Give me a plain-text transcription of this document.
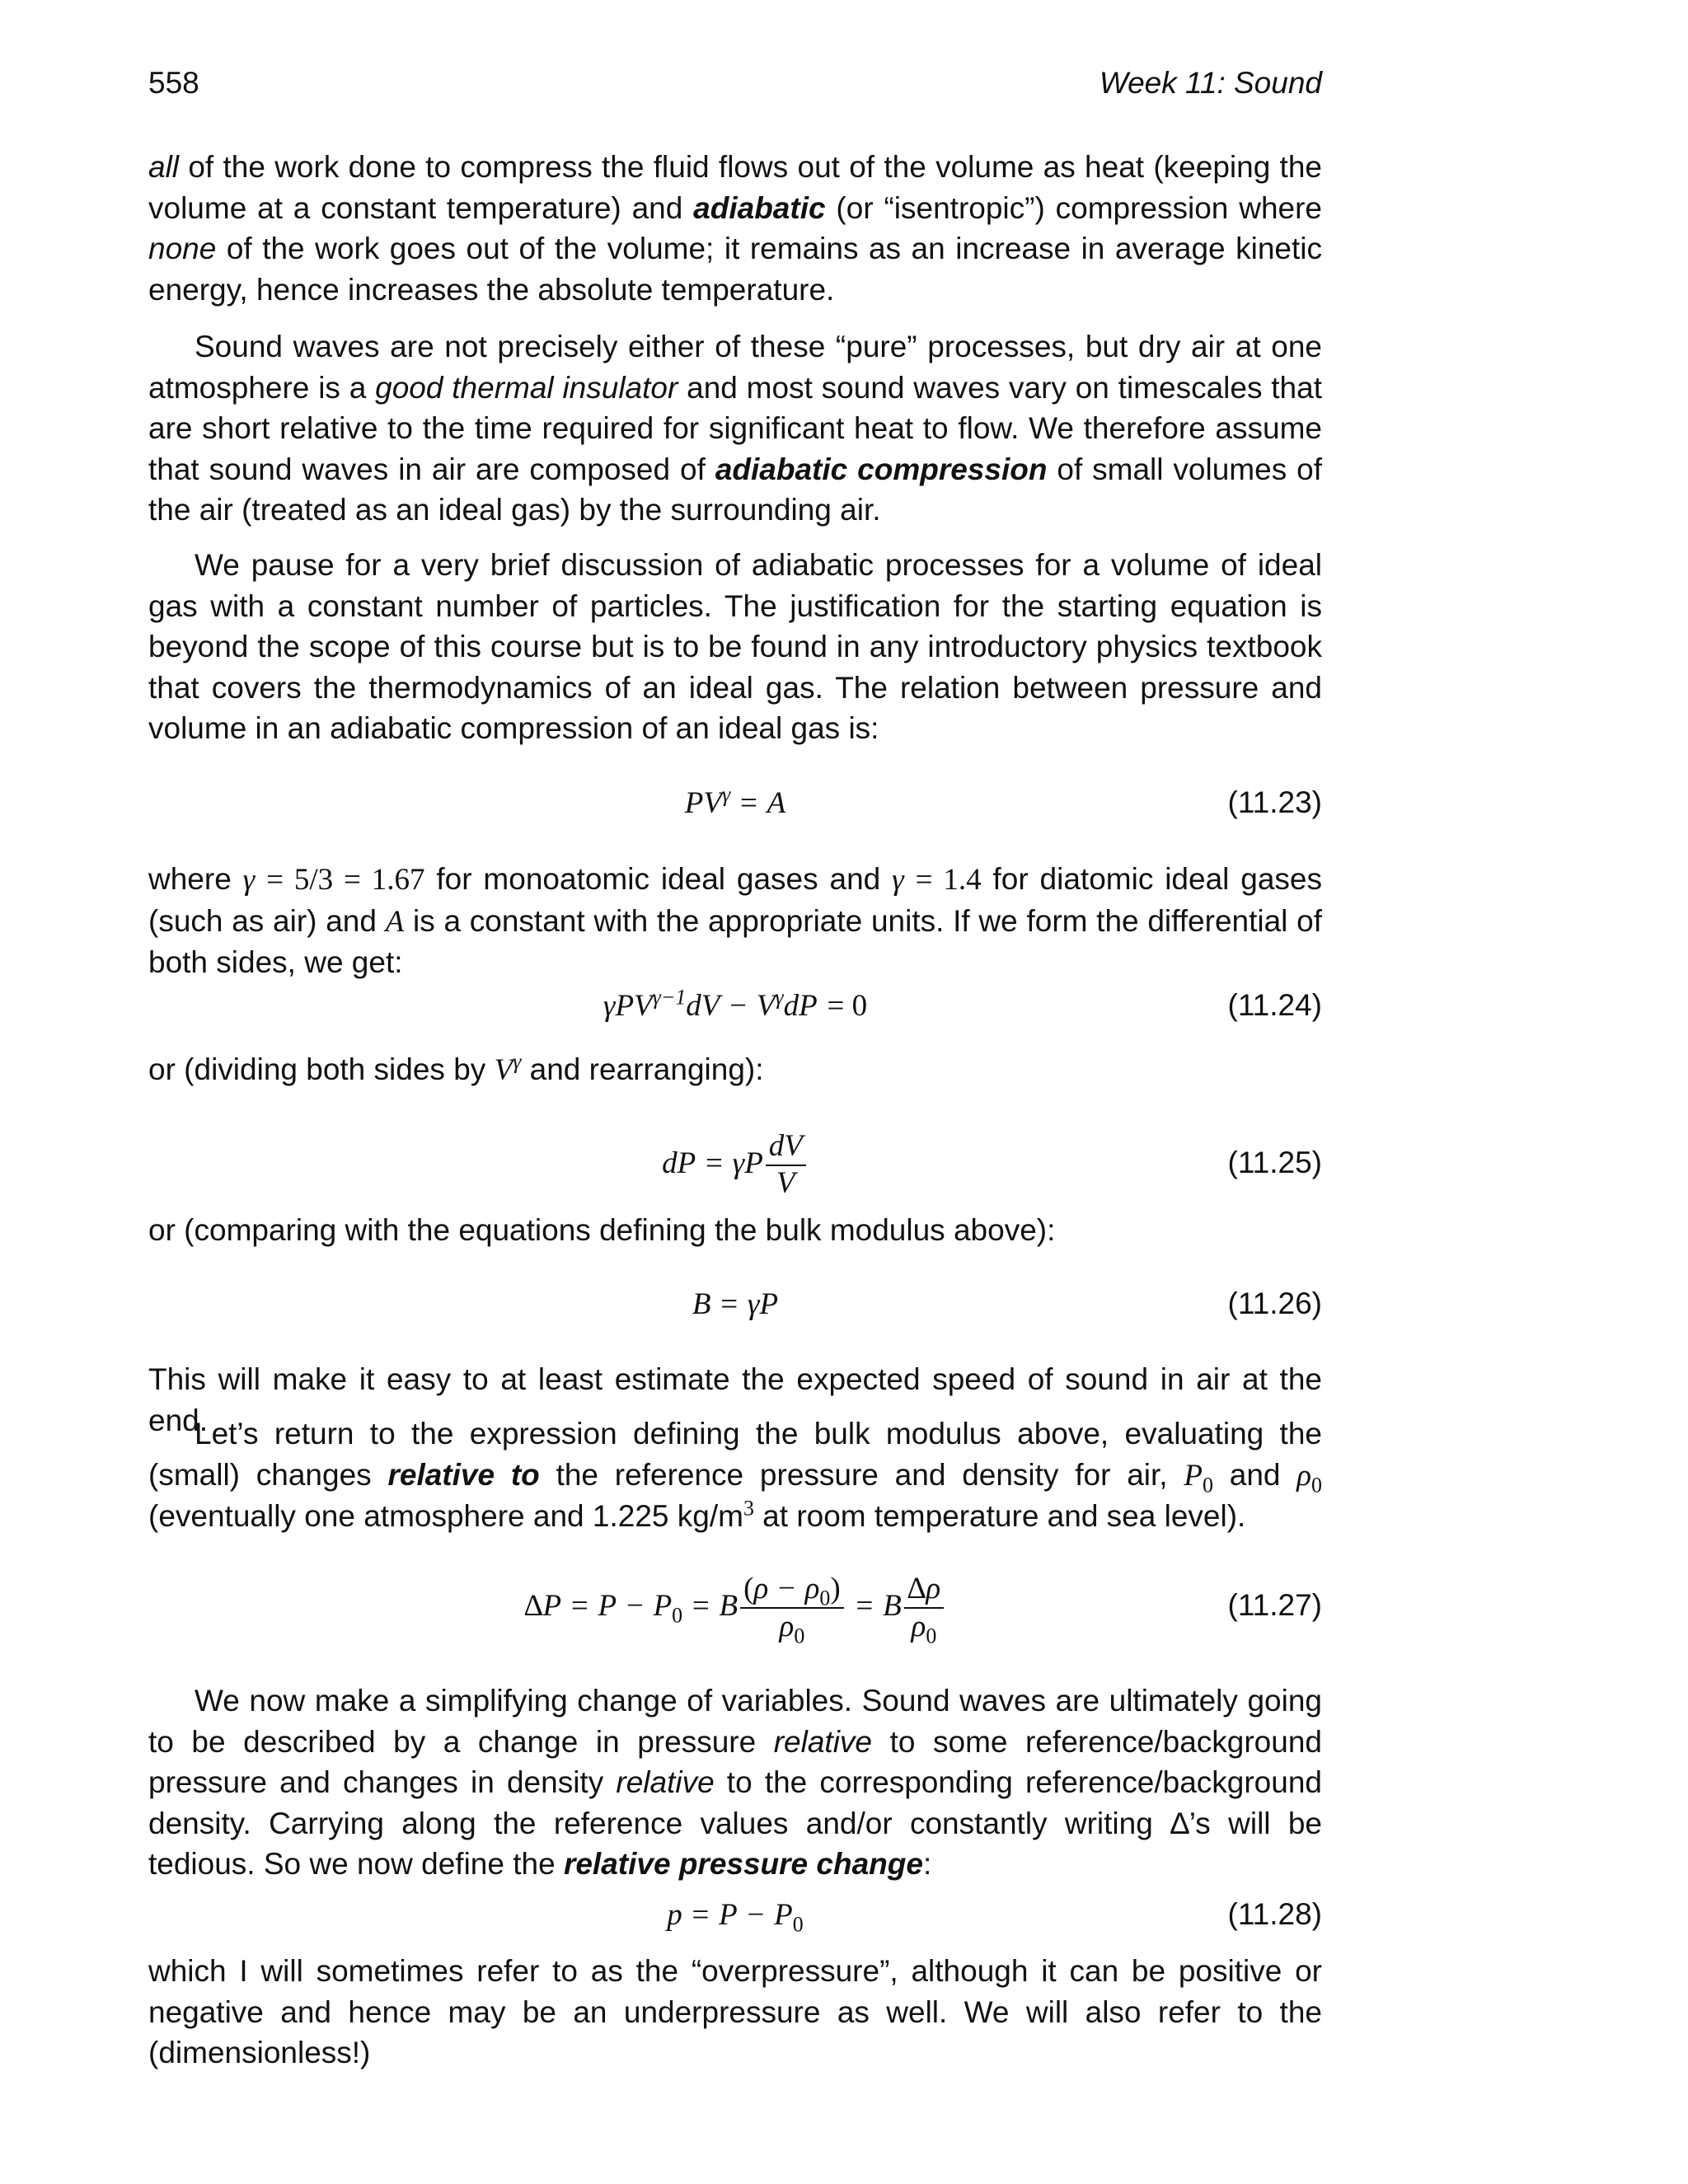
558	Week 11: Sound

all of the work done to compress the fluid flows out of the volume as heat (keeping the volume at a constant temperature) and adiabatic (or “isentropic”) compression where none of the work goes out of the volume; it remains as an increase in average kinetic energy, hence increases the absolute temperature.

Sound waves are not precisely either of these “pure” processes, but dry air at one atmosphere is a good thermal insulator and most sound waves vary on timescales that are short relative to the time required for significant heat to flow. We therefore assume that sound waves in air are composed of adiabatic compression of small volumes of the air (treated as an ideal gas) by the surrounding air.

We pause for a very brief discussion of adiabatic processes for a volume of ideal gas with a constant number of particles. The justification for the starting equation is beyond the scope of this course but is to be found in any introductory physics textbook that covers the thermodynamics of an ideal gas. The relation between pressure and volume in an adiabatic compression of an ideal gas is:

$PV^\gamma = A$	(11.23)

where γ = 5/3 = 1.67 for monoatomic ideal gases and γ = 1.4 for diatomic ideal gases (such as air) and A is a constant with the appropriate units. If we form the differential of both sides, we get:

$\gamma PV^{\gamma-1}dV - V^\gamma dP = 0$	(11.24)

or (dividing both sides by $V^\gamma$ and rearranging):

dP = γP $\frac{dV}{V}$	(11.25)

or (comparing with the equations defining the bulk modulus above):

B = γP	(11.26)

This will make it easy to at least estimate the expected speed of sound in air at the end.

Let’s return to the expression defining the bulk modulus above, evaluating the (small) changes relative to the reference pressure and density for air, $P_0$ and $\rho_0$ (eventually one atmosphere and 1.225 $kg/m^3$ at room temperature and sea level).

$\Delta P = P - P_0 = B \frac{(\rho - \rho_0)}{\rho_0} = B \frac{\Delta\rho}{\rho_0}$	(11.27)

We now make a simplifying change of variables. Sound waves are ultimately going to be described by a change in pressure relative to some reference/background pressure and changes in density relative to the corresponding reference/background density. Carrying along the reference values and/or constantly writing ∆’s will be tedious. So we now define the relative pressure change:

$p = P - P_0$	(11.28)

which I will sometimes refer to as the “overpressure”, although it can be positive or negative and hence may be an underpressure as well. We will also refer to the (dimensionless!)
